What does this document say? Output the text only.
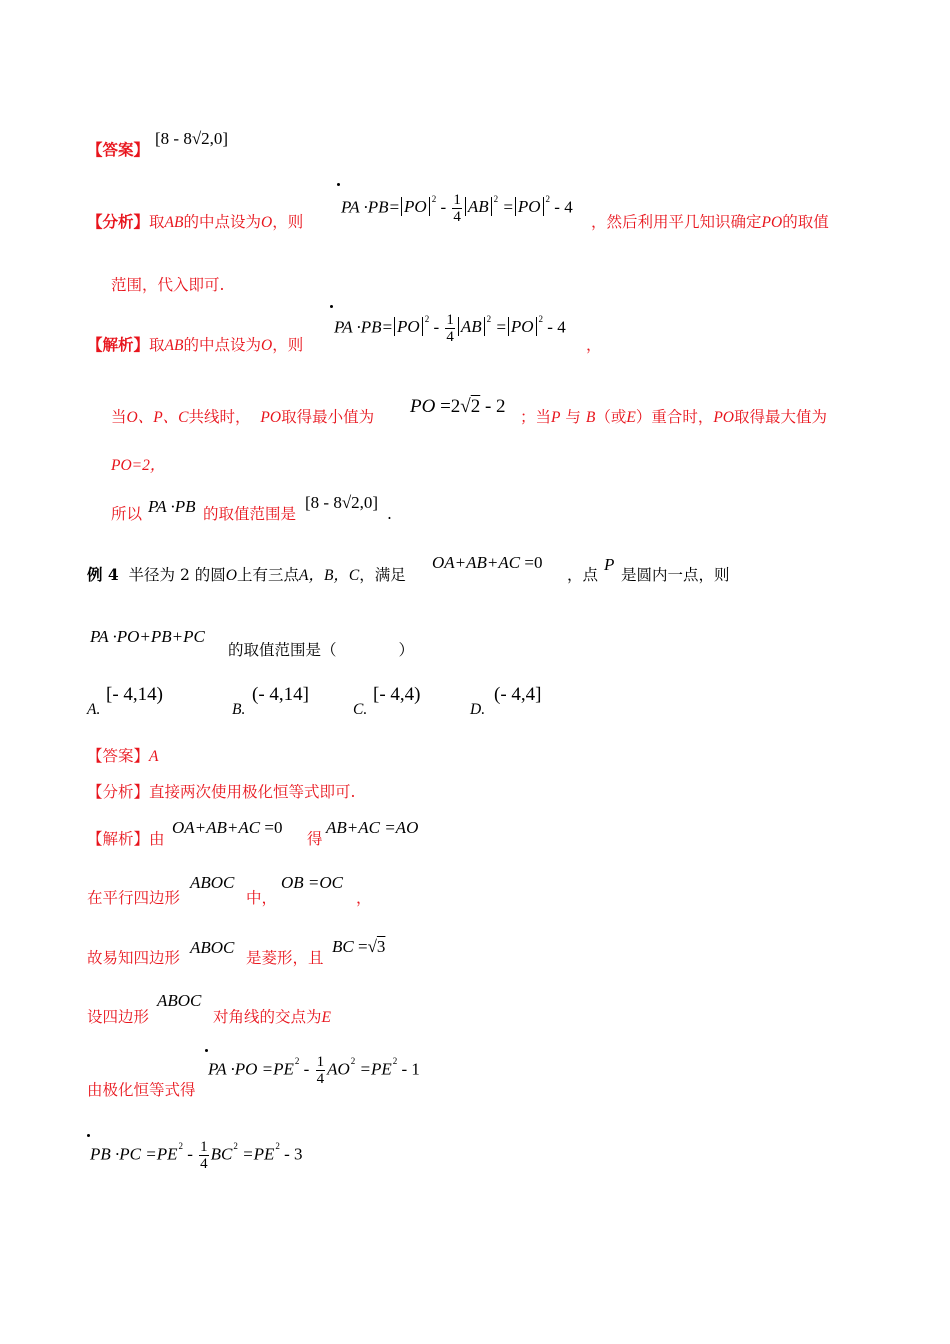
【答案】
[8 - 8√2,0]
【分析】取AB的中点设为O，则
PA ·PB= PO $^2 - \frac{1}{4}$ AB $^2$ = PO $^2$ - 4
，然后利用平几知识确定PO的取值
范围，代入即可.
【解析】取AB的中点设为O，则
PA ·PB= PO $^2 - \frac{1}{4}$ AB $^2$ = PO $^2$ - 4
，
当O、P、C共线时， PO取得最小值为 PO =2√2 - 2 ；当P 与 B（或E）重合时，PO取得最大值为
PO=2，
所以 PA ·PB 的取值范围是
[8 - 8√2,0]
.
例 4 半径为 2 的圆O上有三点A，B，C，满足
OA+AB+AC =0
，点
P
是圆内一点，则
PA ·PO+PB+PC
的取值范围是（　　　　）
A.
[- 4,14)
B.
(- 4,14]
C.
[- 4,4)
D.
(- 4,4]
【答案】A
【分析】直接两次使用极化恒等式即可.
【解析】由
OA+AB+AC =0
得
AB+AC =AO
在平行四边形
ABOC
中，
OB =OC
，
故易知四边形
ABOC
是菱形，且
BC =√3
ABOC
设四边形	对角线的交点为E
由极化恒等式得
PA $\cdot PO =PE^2 - \frac{1}{4} AO^2 =PE^2 - 1$
PB $\cdot PC =PE^2 - \frac{1}{4} BC^2 =PE^2 - 3$
